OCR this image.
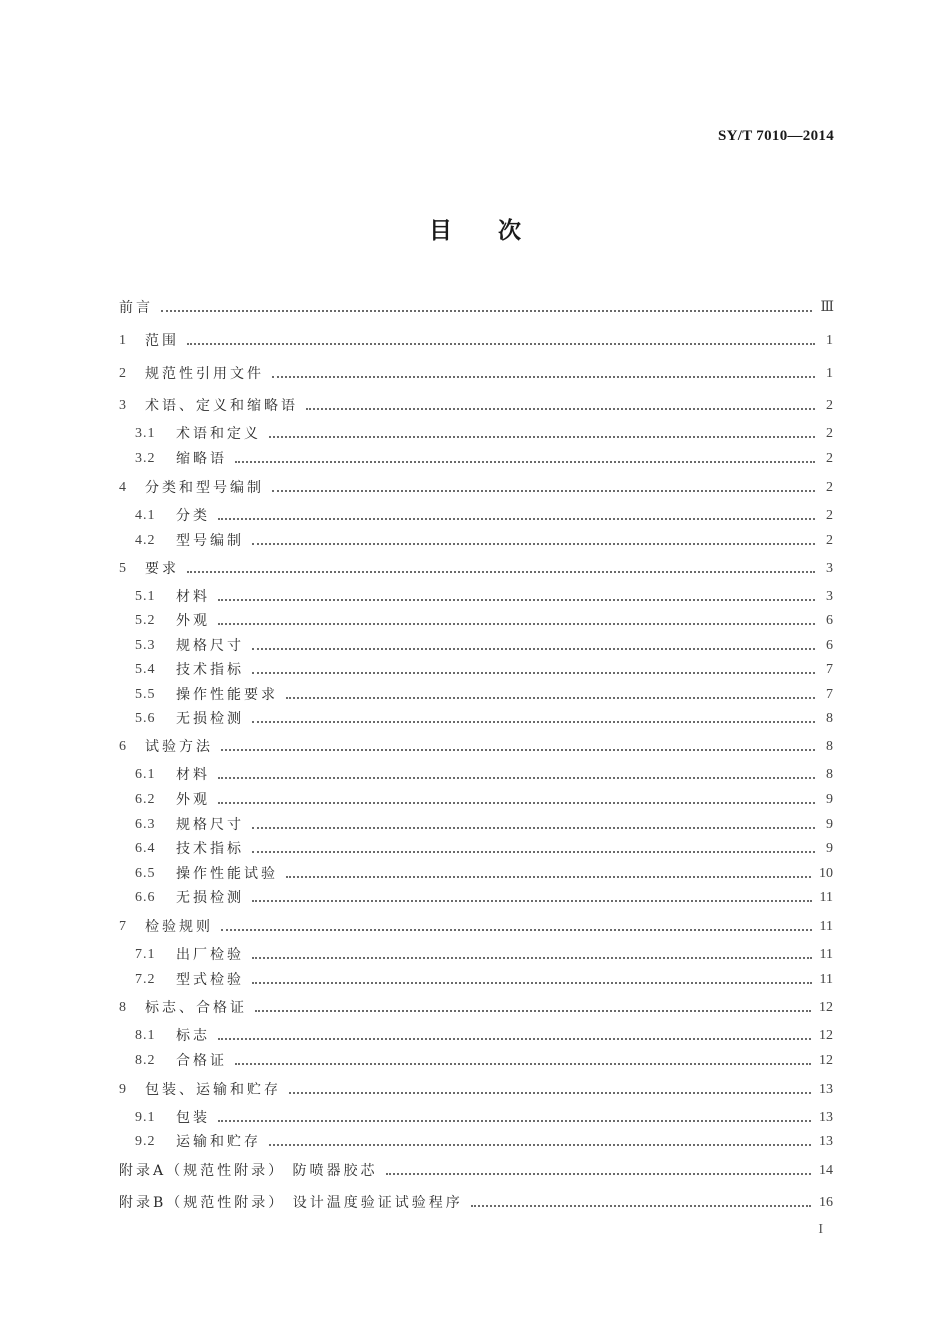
SY/T 7010—2014
目次
前言	Ⅲ
1	范围	1
2	规范性引用文件	1
3	术语、定义和缩略语	2
3.1	术语和定义	2
3.2	缩略语	2
4	分类和型号编制	2
4.1	分类	2
4.2	型号编制	2
5	要求	3
5.1	材料	3
5.2	外观	6
5.3	规格尺寸	6
5.4	技术指标	7
5.5	操作性能要求	7
5.6	无损检测	8
6	试验方法	8
6.1	材料	8
6.2	外观	9
6.3	规格尺寸	9
6.4	技术指标	9
6.5	操作性能试验	10
6.6	无损检测	11
7	检验规则	11
7.1	出厂检验	11
7.2	型式检验	11
8	标志、合格证	12
8.1	标志	12
8.2	合格证	12
9	包装、运输和贮存	13
9.1	包装	13
9.2	运输和贮存	13
附录A（规范性附录） 防喷器胶芯	14
附录B（规范性附录） 设计温度验证试验程序	16
I
